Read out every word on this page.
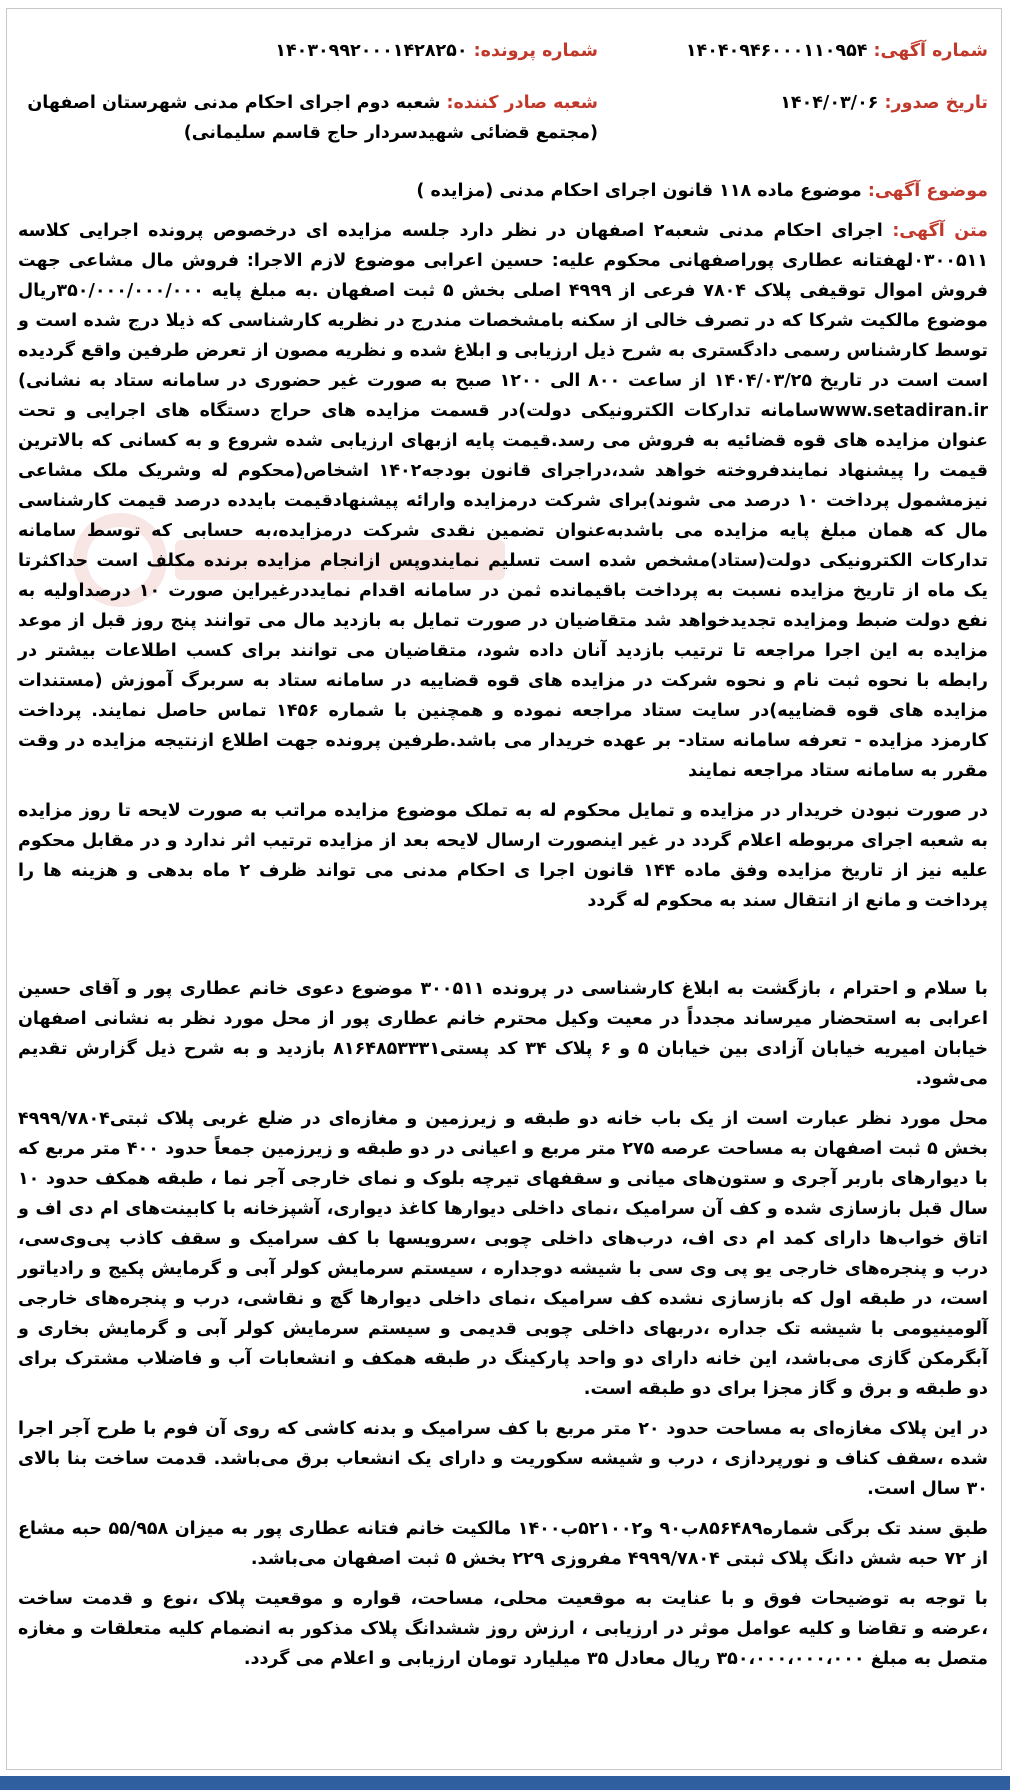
شماره آگهی: ۱۴۰۴۰۹۴۶۰۰۰۱۱۰۹۵۴
تاریخ صدور: ۱۴۰۴/۰۳/۰۶
شماره پرونده: ۱۴۰۳۰۹۹۲۰۰۰۱۴۲۸۲۵۰
شعبه صادر کننده: شعبه دوم اجرای احکام مدنی شهرستان اصفهان (مجتمع قضائی شهیدسردار حاج قاسم سلیمانی)
موضوع آگهی: موضوع ماده ۱۱۸ قانون اجرای احکام مدنی (مزایده )

متن آگهی: اجرای احکام مدنی شعبه۲ اصفهان در نظر دارد جلسه مزایده ای درخصوص پرونده اجرایی کلاسه ۰۳۰۰۵۱۱لهفتانه عطاری پوراصفهانی محکوم علیه: حسین اعرابی موضوع لازم الاجرا: فروش مال مشاعی جهت فروش اموال توقیفی پلاک ۷۸۰۴ فرعی از ۴۹۹۹ اصلی بخش ۵ ثبت اصفهان .به مبلغ پایه ۳۵۰/۰۰۰/۰۰۰/۰۰۰ریال موضوع مالکیت شرکا که در تصرف خالی از سکنه بامشخصات مندرج در نظریه کارشناسی که ذیلا درج شده است و توسط کارشناس رسمی دادگستری به شرح ذیل ارزیابی و ابلاغ شده و نظریه مصون از تعرض طرفین واقع گردیده است است در تاریخ ۱۴۰۴/۰۳/۲۵ از ساعت ۸۰۰ الی ۱۲۰۰ صبح به صورت غیر حضوری در سامانه ستاد به نشانی) www.setadiran.irسامانه تدارکات الکترونیکی دولت)در قسمت مزایده های حراج دستگاه های اجرایی و تحت عنوان مزایده های قوه قضائیه به فروش می رسد.قیمت پایه ازبهای ارزیابی شده شروع و به کسانی که بالاترین قیمت را پیشنهاد نمایندفروخته خواهد شد،دراجرای قانون بودجه۱۴۰۲ اشخاص(محکوم له وشریک ملک مشاعی نیزمشمول پرداخت ۱۰ درصد می شوند)برای شرکت درمزایده وارائه پیشنهادقیمت بایدده درصد قیمت کارشناسی مال که همان مبلغ پایه مزایده می باشدبه‌عنوان تضمین نقدی شرکت درمزایده،به حسابی که توسط سامانه تدارکات الکترونیکی دولت(ستاد)مشخص شده است تسلیم نمایندوپس ازانجام مزایده برنده مکلف است حداکثرتا یک ماه از تاریخ مزایده نسبت به پرداخت باقیمانده ثمن در سامانه اقدام نمایددرغیراین صورت ۱۰ درصداولیه به نفع دولت ضبط ومزایده تجدیدخواهد شد متقاضیان در صورت تمایل به بازدید مال می توانند پنج روز قبل از موعد مزایده به این اجرا مراجعه تا ترتیب بازدید آنان داده شود، متقاضیان می توانند برای کسب اطلاعات بیشتر در رابطه با نحوه ثبت نام و نحوه شرکت در مزایده های قوه قضاییه در سامانه ستاد به سربرگ آموزش (مستندات مزایده های قوه قضاییه)در سایت ستاد مراجعه نموده و همچنین با شماره ۱۴۵۶ تماس حاصل نمایند. پرداخت کارمزد مزایده - تعرفه سامانه ستاد- بر عهده خریدار می باشد.طرفین پرونده جهت اطلاع ازنتیجه مزایده در وقت مقرر به سامانه ستاد مراجعه نمایند

در صورت نبودن خریدار در مزایده و تمایل محکوم له به تملک موضوع مزایده مراتب به صورت لایحه تا روز مزایده به شعبه اجرای مربوطه اعلام گردد در غیر اینصورت ارسال لایحه بعد از مزایده ترتیب اثر ندارد و در مقابل محکوم علیه نیز از تاریخ مزایده وفق ماده ۱۴۴ قانون اجرا ی احکام مدنی می تواند ظرف ۲ ماه بدهی و هزینه ها را پرداخت و مانع از انتقال سند به محکوم له گردد

با سلام و احترام ، بازگشت به ابلاغ کارشناسی در پرونده ۳۰۰۵۱۱ موضوع دعوی خانم عطاری پور و آقای حسین اعرابی به استحضار میرساند مجدداً در معیت وکیل محترم خانم عطاری پور از محل مورد نظر به نشانی اصفهان خیابان امیریه خیابان آزادی بین خیابان ۵ و ۶ پلاک ۳۴ کد پستی۸۱۶۴۸۵۳۳۳۱ بازدید و به شرح ذیل گزارش تقدیم می‌شود.

محل مورد نظر عبارت است از یک باب خانه دو طبقه و زیرزمین و مغازه‌ای در ضلع غربی پلاک ثبتی۴۹۹۹/۷۸۰۴ بخش ۵ ثبت اصفهان به مساحت عرصه ۲۷۵ متر مربع و اعیانی در دو طبقه و زیرزمین جمعاً حدود ۴۰۰ متر مربع که با دیوارهای باربر آجری و ستون‌های میانی و سقفهای تیرچه بلوک و نمای خارجی آجر نما ، طبقه همکف حدود ۱۰ سال قبل بازسازی شده و کف آن سرامیک ،نمای داخلی دیوارها کاغذ دیواری، آشپزخانه با کابینت‌های ام دی اف و اتاق خواب‌ها دارای کمد ام دی اف، درب‌های داخلی چوبی ،سرویسها با کف سرامیک و سقف کاذب پی‌وی‌سی، درب و پنجره‌های خارجی یو پی وی سی با شیشه دوجداره ، سیستم سرمایش کولر آبی و گرمایش پکیج و رادیاتور است، در طبقه اول که بازسازی نشده کف سرامیک ،نمای داخلی دیوارها گچ و نقاشی، درب و پنجره‌های خارجی آلومینیومی با شیشه تک جداره ،دربهای داخلی چوبی قدیمی و سیستم سرمایش کولر آبی و گرمایش بخاری و آبگرمکن گازی می‌باشد، این خانه دارای دو واحد پارکینگ در طبقه همکف و انشعابات آب و فاضلاب مشترک برای دو طبقه و برق و گاز مجزا برای دو طبقه است.

در این پلاک مغازه‌ای به مساحت حدود ۲۰ متر مربع با کف سرامیک و بدنه کاشی که روی آن فوم با طرح آجر اجرا شده ،سقف کناف و نورپردازی ، درب و شیشه سکوریت و دارای یک انشعاب برق می‌باشد. قدمت ساخت بنا بالای ۳۰ سال است.

طبق سند تک برگی شماره۸۵۶۴۸۹ب۹۰ و۵۲۱۰۰۲ب۱۴۰۰ مالکیت خانم فتانه عطاری پور به میزان ۵۵/۹۵۸ حبه مشاع از ۷۲ حبه شش دانگ پلاک ثبتی ۴۹۹۹/۷۸۰۴ مفروزی ۲۲۹ بخش ۵ ثبت اصفهان می‌باشد.

با توجه به توضیحات فوق و با عنایت به موقعیت محلی، مساحت، قواره و موقعیت پلاک ،نوع و قدمت ساخت ،عرضه و تقاضا و کلیه عوامل موثر در ارزیابی ، ارزش روز ششدانگ پلاک مذکور به انضمام کلیه متعلقات و مغازه متصل به مبلغ ۳۵۰،۰۰۰،۰۰۰،۰۰۰ ریال معادل ۳۵ میلیارد تومان ارزیابی و اعلام می گردد.
